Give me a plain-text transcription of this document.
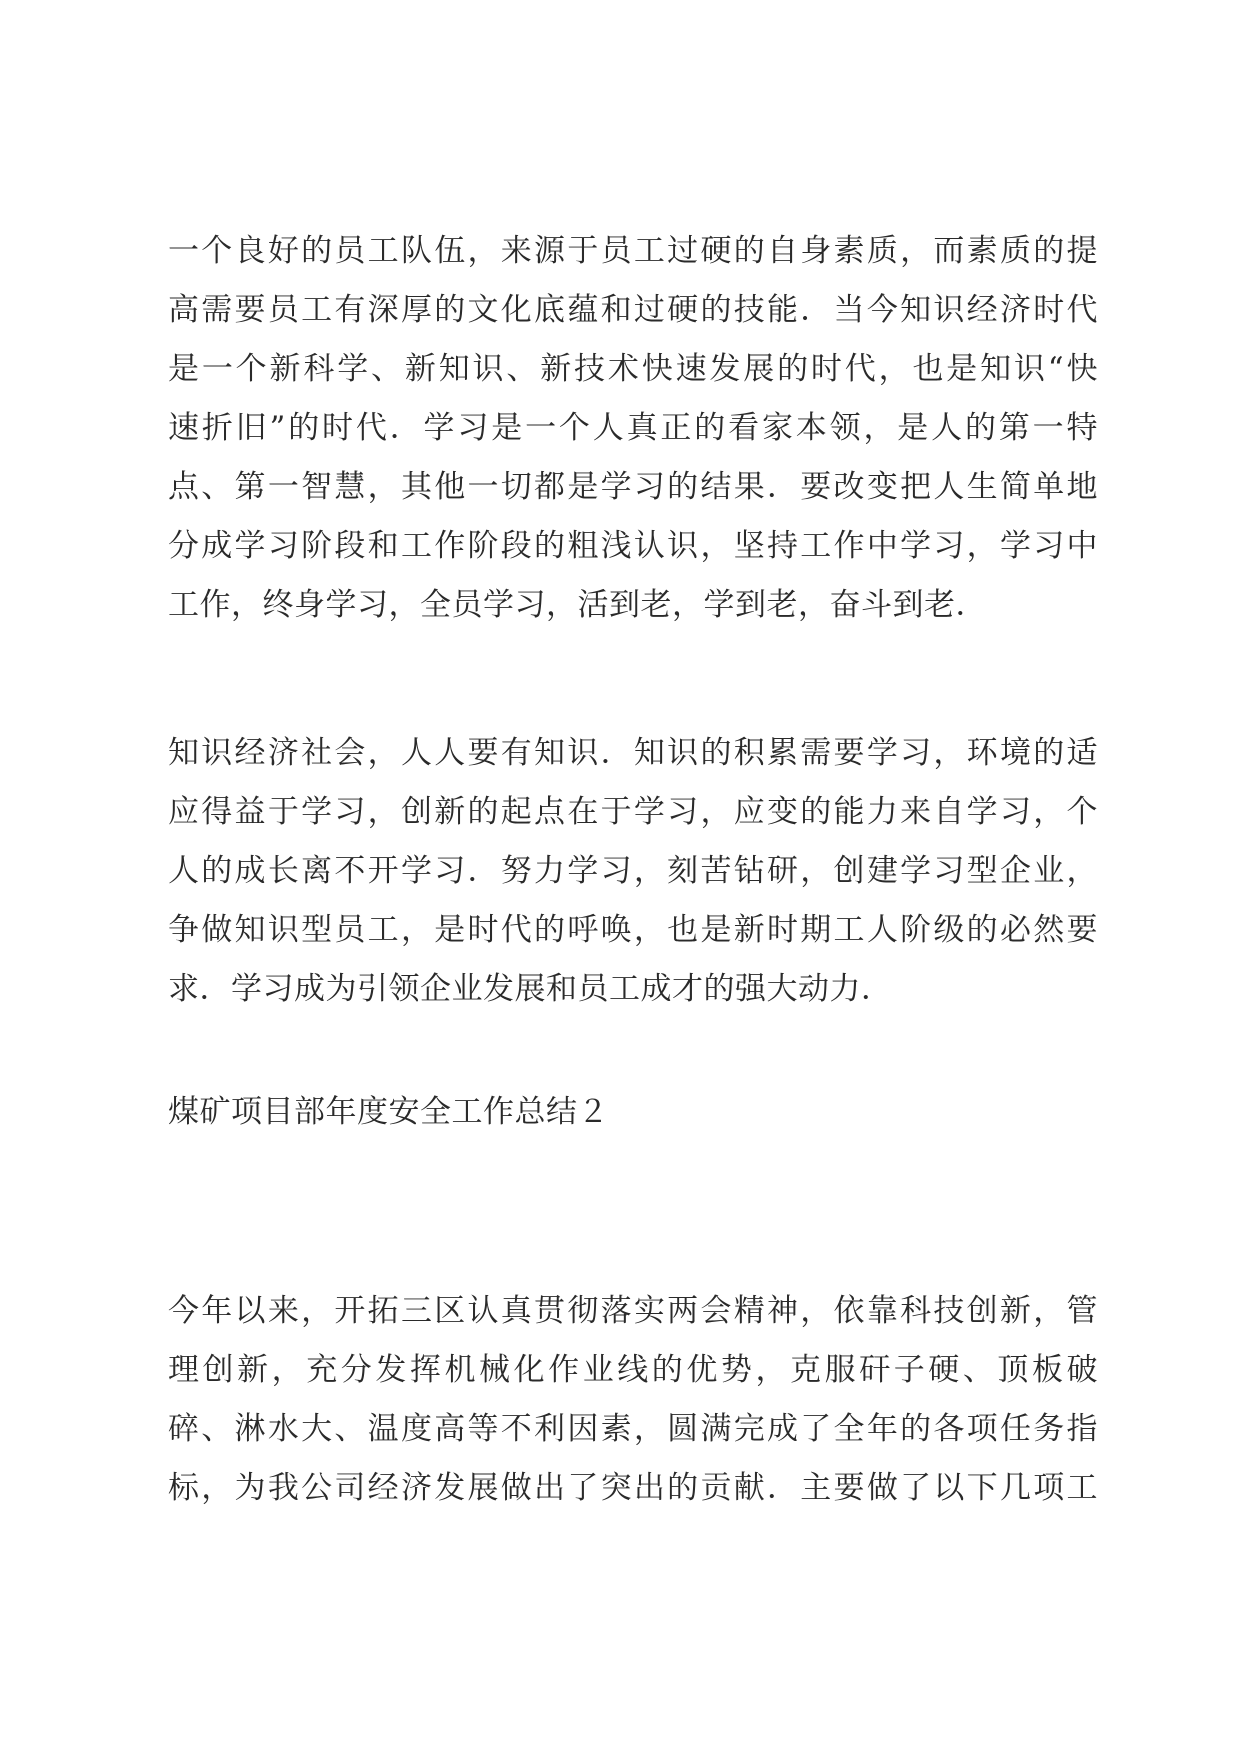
一个良好的员工队伍，来源于员工过硬的自身素质，而素质的提
高需要员工有深厚的文化底蕴和过硬的技能．当今知识经济时代
是一个新科学、新知识、新技术快速发展的时代，也是知识“快
速折旧”的时代．学习是一个人真正的看家本领，是人的第一特
点、第一智慧，其他一切都是学习的结果．要改变把人生简单地
分成学习阶段和工作阶段的粗浅认识，坚持工作中学习，学习中
工作，终身学习，全员学习，活到老，学到老，奋斗到老．
知识经济社会，人人要有知识．知识的积累需要学习，环境的适
应得益于学习，创新的起点在于学习，应变的能力来自学习，个
人的成长离不开学习．努力学习，刻苦钻研，创建学习型企业，
争做知识型员工，是时代的呼唤，也是新时期工人阶级的必然要
求．学习成为引领企业发展和员工成才的强大动力．
煤矿项目部年度安全工作总结２
今年以来，开拓三区认真贯彻落实两会精神，依靠科技创新，管
理创新，充分发挥机械化作业线的优势，克服矸子硬、顶板破
碎、淋水大、温度高等不利因素，圆满完成了全年的各项任务指
标，为我公司经济发展做出了突出的贡献．主要做了以下几项工
